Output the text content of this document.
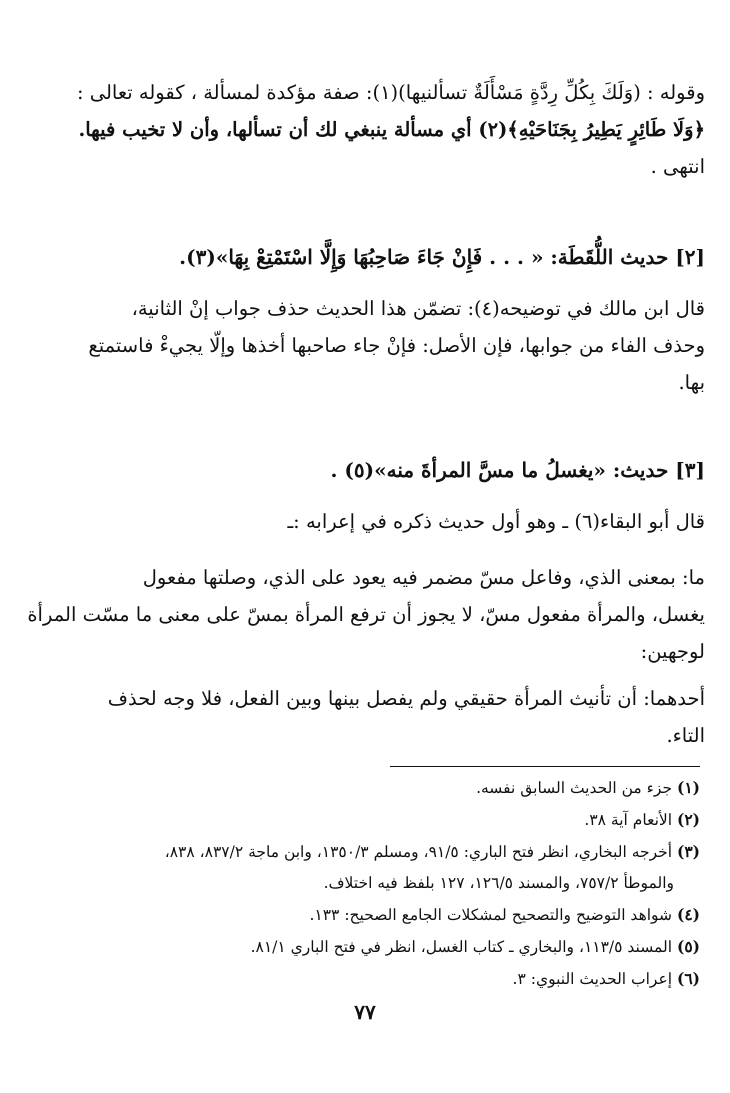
وقوله : (وَلَكَ بِكُلِّ رِدَّةٍ مَسْأَلَةٌ تسألنيها)(١): صفة مؤكدة لمسألة ، كقوله تعالى :
﴿وَلَا طَائِرٍ يَطِيرُ بِجَنَاحَيْهِ﴾(٢) أي مسألة ينبغي لك أن تسألها، وأن لا تخيب فيها.
انتهى .
[٢] حديث اللُّقَطَة: « . . . فَإِنْ جَاءَ صَاحِبُهَا وَإِلَّا اسْتَمْتِعْ بِهَا»(٣).
قال ابن مالك في توضيحه(٤): تضمّن هذا الحديث حذف جواب إنْ الثانية،
وحذف الفاء من جوابها، فإن الأصل: فإنْ جاء صاحبها أخذها وإلّا يجيءْ فاستمتع
بها.
[٣] حديث: «يغسلُ ما مسَّ المرأةَ منه»(٥) .
قال أبو البقاء(٦) ـ وهو أول حديث ذكره في إعرابه :ـ
ما: بمعنى الذي، وفاعل مسّ مضمر فيه يعود على الذي، وصلتها مفعول
يغسل، والمرأة مفعول مسّ، لا يجوز أن ترفع المرأة بمسّ على معنى ما مسّت المرأة
لوجهين:
أحدهما: أن تأنيث المرأة حقيقي ولم يفصل بينها وبين الفعل، فلا وجه لحذف
التاء.
(١) جزء من الحديث السابق نفسه.
(٢) الأنعام آية ٣٨.
(٣) أخرجه البخاري، انظر فتح الباري: ٩١/٥، ومسلم ١٣٥٠/٣، وابن ماجة ٨٣٧/٢، ٨٣٨،
والموطأ ٧٥٧/٢، والمسند ١٢٦/٥، ١٢٧ بلفظ فيه اختلاف.
(٤) شواهد التوضيح والتصحيح لمشكلات الجامع الصحيح: ١٣٣.
(٥) المسند ١١٣/٥، والبخاري ـ كتاب الغسل، انظر في فتح الباري ٨١/١.
(٦) إعراب الحديث النبوي: ٣.
٧٧
